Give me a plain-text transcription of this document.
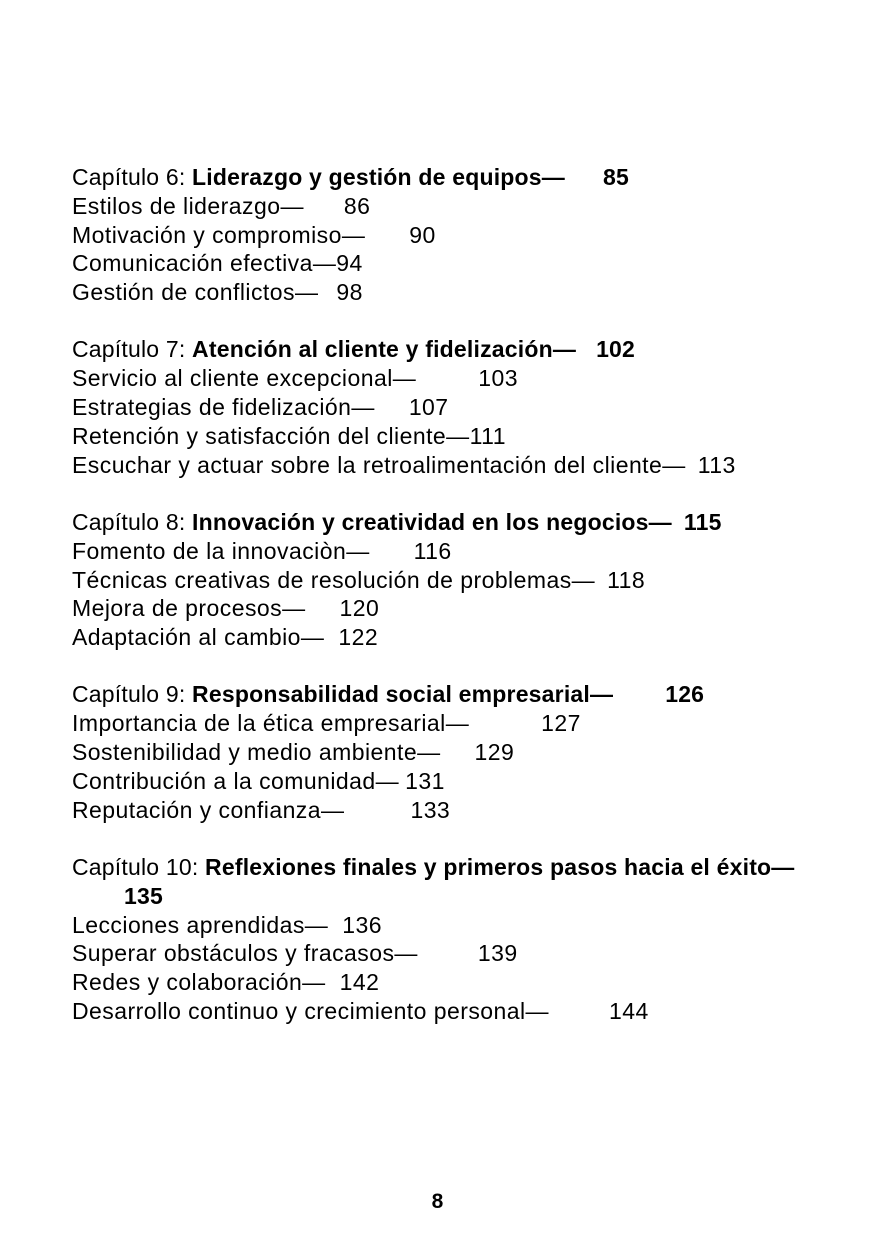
Capítulo 6: Liderazgo y gestión de equipos— 85
Estilos de liderazgo— 86
Motivación y compromiso— 90
Comunicación efectiva—94
Gestión de conflictos— 98
Capítulo 7: Atención al cliente y fidelización— 102
Servicio al cliente excepcional—	103
Estrategias de fidelización— 107
Retención y satisfacción del cliente—111
Escuchar y actuar sobre la retroalimentación del cliente— 113
Capítulo 8: Innovación y creatividad en los negocios— 115
Fomento de la innovaciòn— 116
Técnicas creativas de resolución de problemas— 118
Mejora de procesos— 120
Adaptación al cambio— 122
Capítulo 9: Responsabilidad social empresarial— 126
Importancia de la ética empresarial—	127
Sostenibilidad y medio ambiente— 129
Contribución a la comunidad— 131
Reputación y confianza—	133
Capítulo 10: Reflexiones finales y primeros pasos hacia el éxito—135
Lecciones aprendidas— 136
Superar obstáculos y fracasos—	139
Redes y colaboración— 142
Desarrollo continuo y crecimiento personal—	144
8
